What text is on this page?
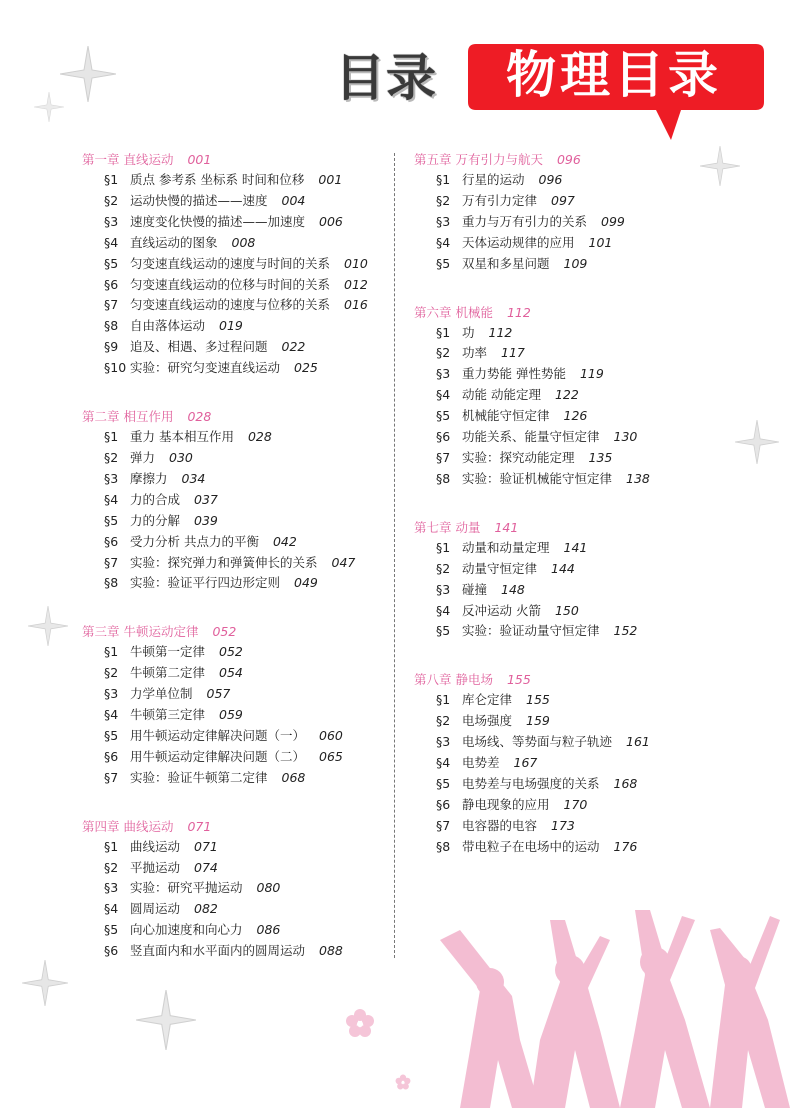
目录	物理目录
第一章 直线运动 001
§1 质点 参考系 坐标系 时间和位移 001
§2 运动快慢的描述——速度 004
§3 速度变化快慢的描述——加速度 006
§4 直线运动的图象 008
§5 匀变速直线运动的速度与时间的关系 010
§6 匀变速直线运动的位移与时间的关系 012
§7 匀变速直线运动的速度与位移的关系 016
§8 自由落体运动 019
§9 追及、相遇、多过程问题 022
§10 实验：研究匀变速直线运动 025
第二章 相互作用 028
§1 重力 基本相互作用 028
§2 弹力 030
§3 摩擦力 034
§4 力的合成 037
§5 力的分解 039
§6 受力分析 共点力的平衡 042
§7 实验：探究弹力和弹簧伸长的关系 047
§8 实验：验证平行四边形定则 049
第三章 牛顿运动定律 052
§1 牛顿第一定律 052
§2 牛顿第二定律 054
§3 力学单位制 057
§4 牛顿第三定律 059
§5 用牛顿运动定律解决问题（一） 060
§6 用牛顿运动定律解决问题（二） 065
§7 实验：验证牛顿第二定律 068
第四章 曲线运动 071
§1 曲线运动 071
§2 平抛运动 074
§3 实验：研究平抛运动 080
§4 圆周运动 082
§5 向心加速度和向心力 086
§6 竖直面内和水平面内的圆周运动 088
第五章 万有引力与航天 096
§1 行星的运动 096
§2 万有引力定律 097
§3 重力与万有引力的关系 099
§4 天体运动规律的应用 101
§5 双星和多星问题 109
第六章 机械能 112
§1 功 112
§2 功率 117
§3 重力势能 弹性势能 119
§4 动能 动能定理 122
§5 机械能守恒定律 126
§6 功能关系、能量守恒定律 130
§7 实验：探究动能定理 135
§8 实验：验证机械能守恒定律 138
第七章 动量 141
§1 动量和动量定理 141
§2 动量守恒定律 144
§3 碰撞 148
§4 反冲运动 火箭 150
§5 实验：验证动量守恒定律 152
第八章 静电场 155
§1 库仑定律 155
§2 电场强度 159
§3 电场线、等势面与粒子轨迹 161
§4 电势差 167
§5 电势差与电场强度的关系 168
§6 静电现象的应用 170
§7 电容器的电容 173
§8 带电粒子在电场中的运动 176
